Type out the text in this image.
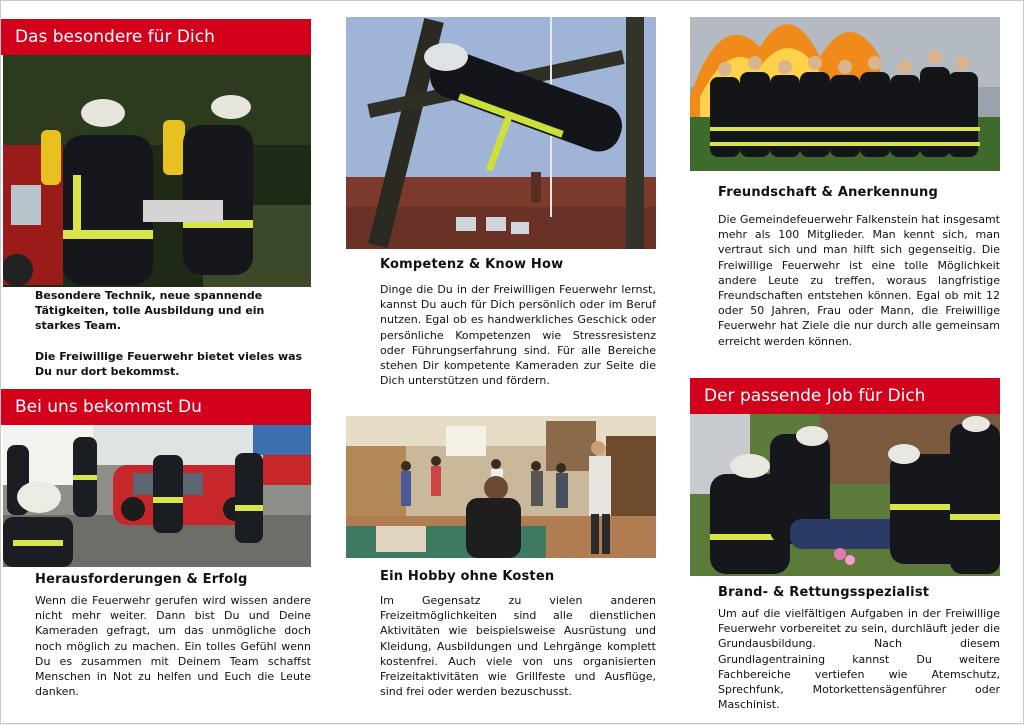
Das besondere für Dich
Besondere Technik, neue spannende Tätigkeiten, tolle Ausbildung und ein starkes Team.
Die Freiwillige Feuerwehr bietet vieles was Du nur dort bekommst.
Bei uns bekommst Du
Herausforderungen & Erfolg
Wenn die Feuerwehr gerufen wird wissen andere nicht mehr weiter. Dann bist Du und Deine Kameraden gefragt, um das unmögliche doch noch möglich zu machen. Ein tolles Gefühl wenn Du es zusammen mit Deinem Team schaffst Menschen in Not zu helfen und Euch die Leute danken.
Kompetenz & Know How
Dinge die Du in der Freiwilligen Feuerwehr lernst, kannst Du auch für Dich persönlich oder im Beruf nutzen. Egal ob es handwerkliches Geschick oder persönliche Kompetenzen wie Stressresistenz oder Führungserfahrung sind. Für alle Bereiche stehen Dir kompetente Kameraden zur Seite die Dich unterstützen und fördern.
Ein Hobby ohne Kosten
Im Gegensatz zu vielen anderen Freizeitmöglichkeiten sind alle dienstlichen Aktivitäten wie beispielsweise Ausrüstung und Kleidung, Ausbildungen und Lehrgänge komplett kostenfrei. Auch viele von uns organisierten Freizeitaktivitäten wie Grillfeste und Ausflüge, sind frei oder werden bezuschusst.
Freundschaft & Anerkennung
Die Gemeindefeuerwehr Falkenstein hat insgesamt mehr als 100 Mitglieder. Man kennt sich, man vertraut sich und man hilft sich gegenseitig. Die Freiwillige Feuerwehr ist eine tolle Möglichkeit andere Leute zu treffen, woraus langfristige Freundschaften entstehen können. Egal ob mit 12 oder 50 Jahren, Frau oder Mann, die Freiwillige Feuerwehr hat Ziele die nur durch alle gemeinsam erreicht werden können.
Der passende Job für Dich
Brand- & Rettungsspezialist
Um auf die vielfältigen Aufgaben in der Freiwillige Feuerwehr vorbereitet zu sein, durchläuft jeder die Grundausbildung. Nach diesem Grundlagentraining kannst Du weitere Fachbereiche vertiefen wie Atemschutz, Sprechfunk, Motorkettensägenführer oder Maschinist.
